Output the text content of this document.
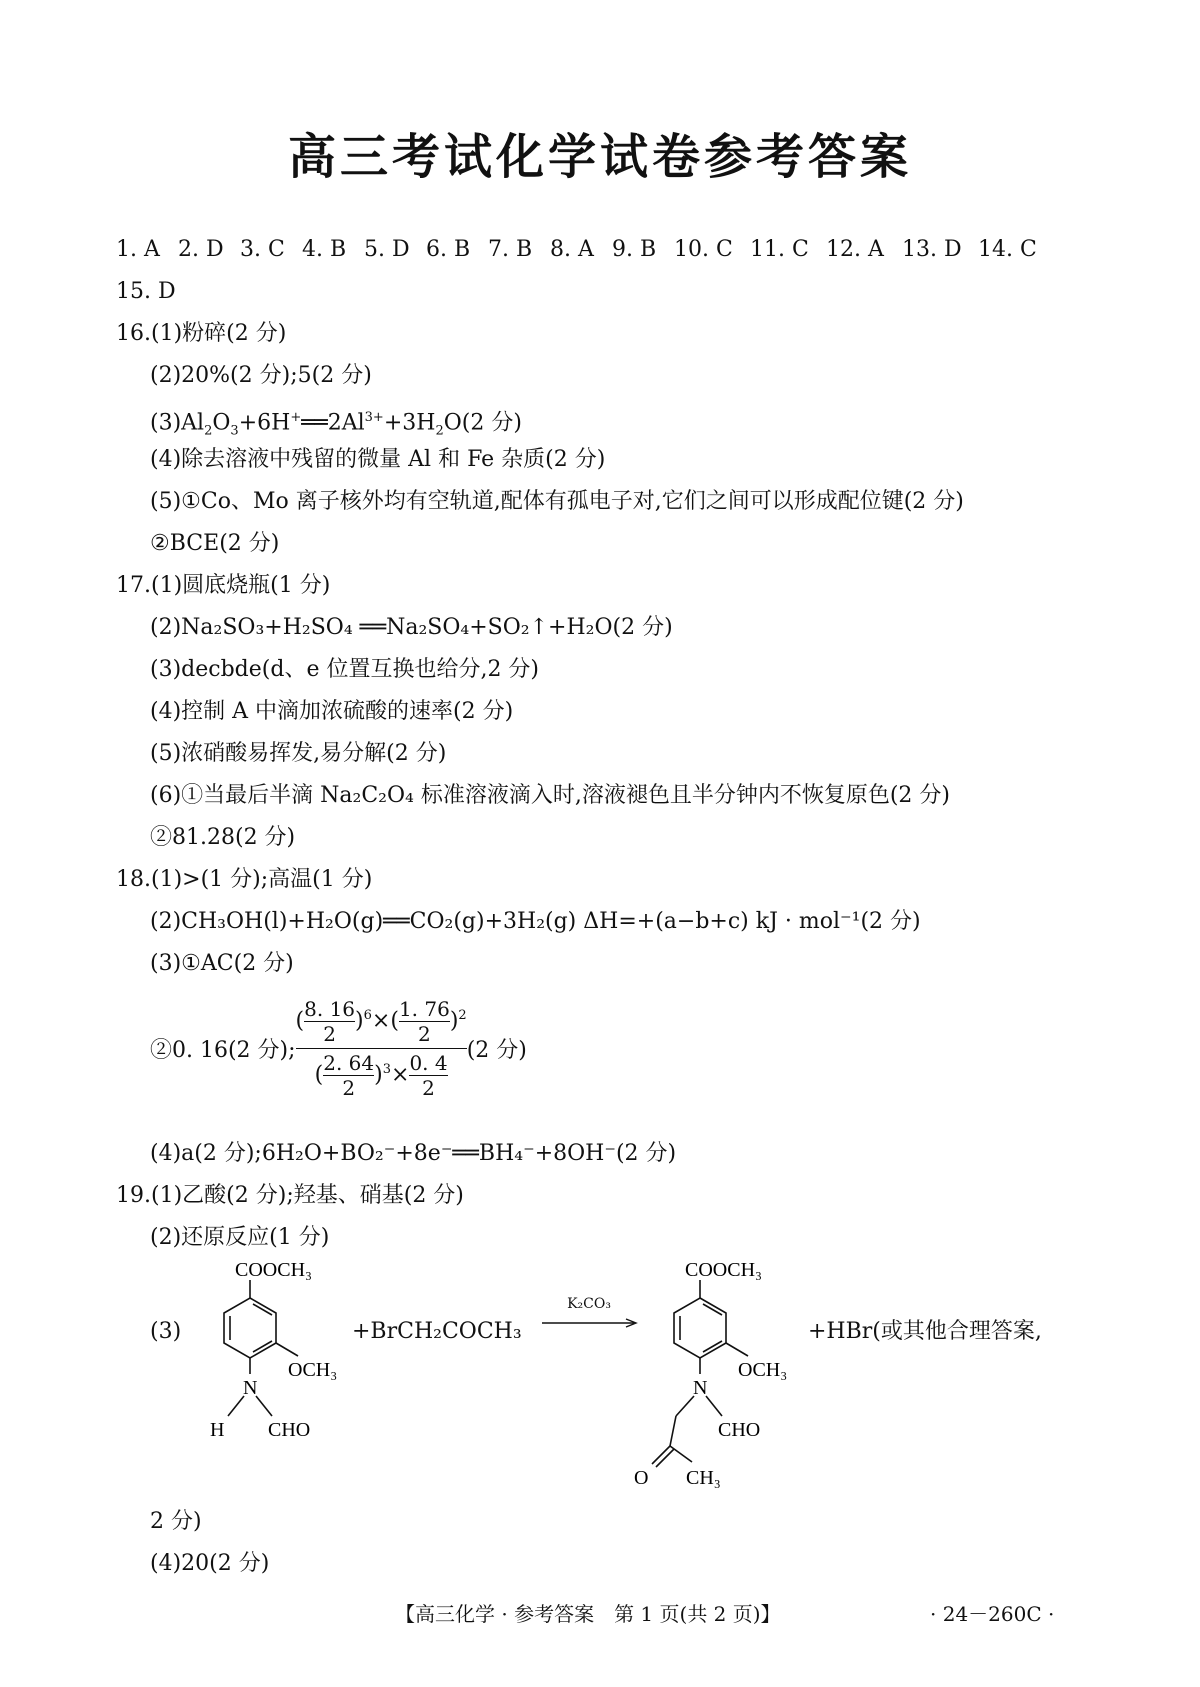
高三考试化学试卷参考答案
1. A 2. D 3. C 4. B 5. D 6. B 7. B 8. A 9. B 10. C 11. C 12. A 13. D 14. C
15. D
16.(1)粉碎(2 分)
(2)20%(2 分);5(2 分)
$(3)Al_2O_3+6H^+══2Al^{3+}+3H_2O(2$ 分)
(4)除去溶液中残留的微量 Al 和 Fe 杂质(2 分)
(5)①Co、Mo 离子核外均有空轨道,配体有孤电子对,它们之间可以形成配位键(2 分)
②BCE(2 分)
17.(1)圆底烧瓶(1 分)
(2)Na₂SO₃+H₂SO₄ ══Na₂SO₄+SO₂↑+H₂O(2 分)
(3)decbde(d、e 位置互换也给分,2 分)
(4)控制 A 中滴加浓硫酸的速率(2 分)
(5)浓硝酸易挥发,易分解(2 分)
(6)①当最后半滴 Na₂C₂O₄ 标准溶液滴入时,溶液褪色且半分钟内不恢复原色(2 分)
②81.28(2 分)
18.(1)>(1 分);高温(1 分)
(2)CH₃OH(l)+H₂O(g)══CO₂(g)+3H₂(g) ΔH=+(a−b+c) kJ · mol⁻¹(2 分)
(3)①AC(2 分)
②0. 16(2 分); $\frac{( \frac{8. 16}{2} )^6\times( \frac{1. 76}{2} )^2}{( \frac{2. 64}{2} )^3\times \frac{0. 4}{2}} (2$ 分)
(4)a(2 分);6H₂O+BO₂⁻+8e⁻══BH₄⁻+8OH⁻(2 分)
19.(1)乙酸(2 分);羟基、硝基(2 分)
(2)还原反应(1 分)
(3)
COOCH₃
OCH₃
N
H CHO
+BrCH₂COCH₃
K₂CO₃
COOCH₃
OCH₃
N
CHO
O CH₃
+HBr(或其他合理答案,
2 分)
(4)20(2 分)
【高三化学 · 参考答案　第 1 页(共 2 页)】	· 24－260C ·
